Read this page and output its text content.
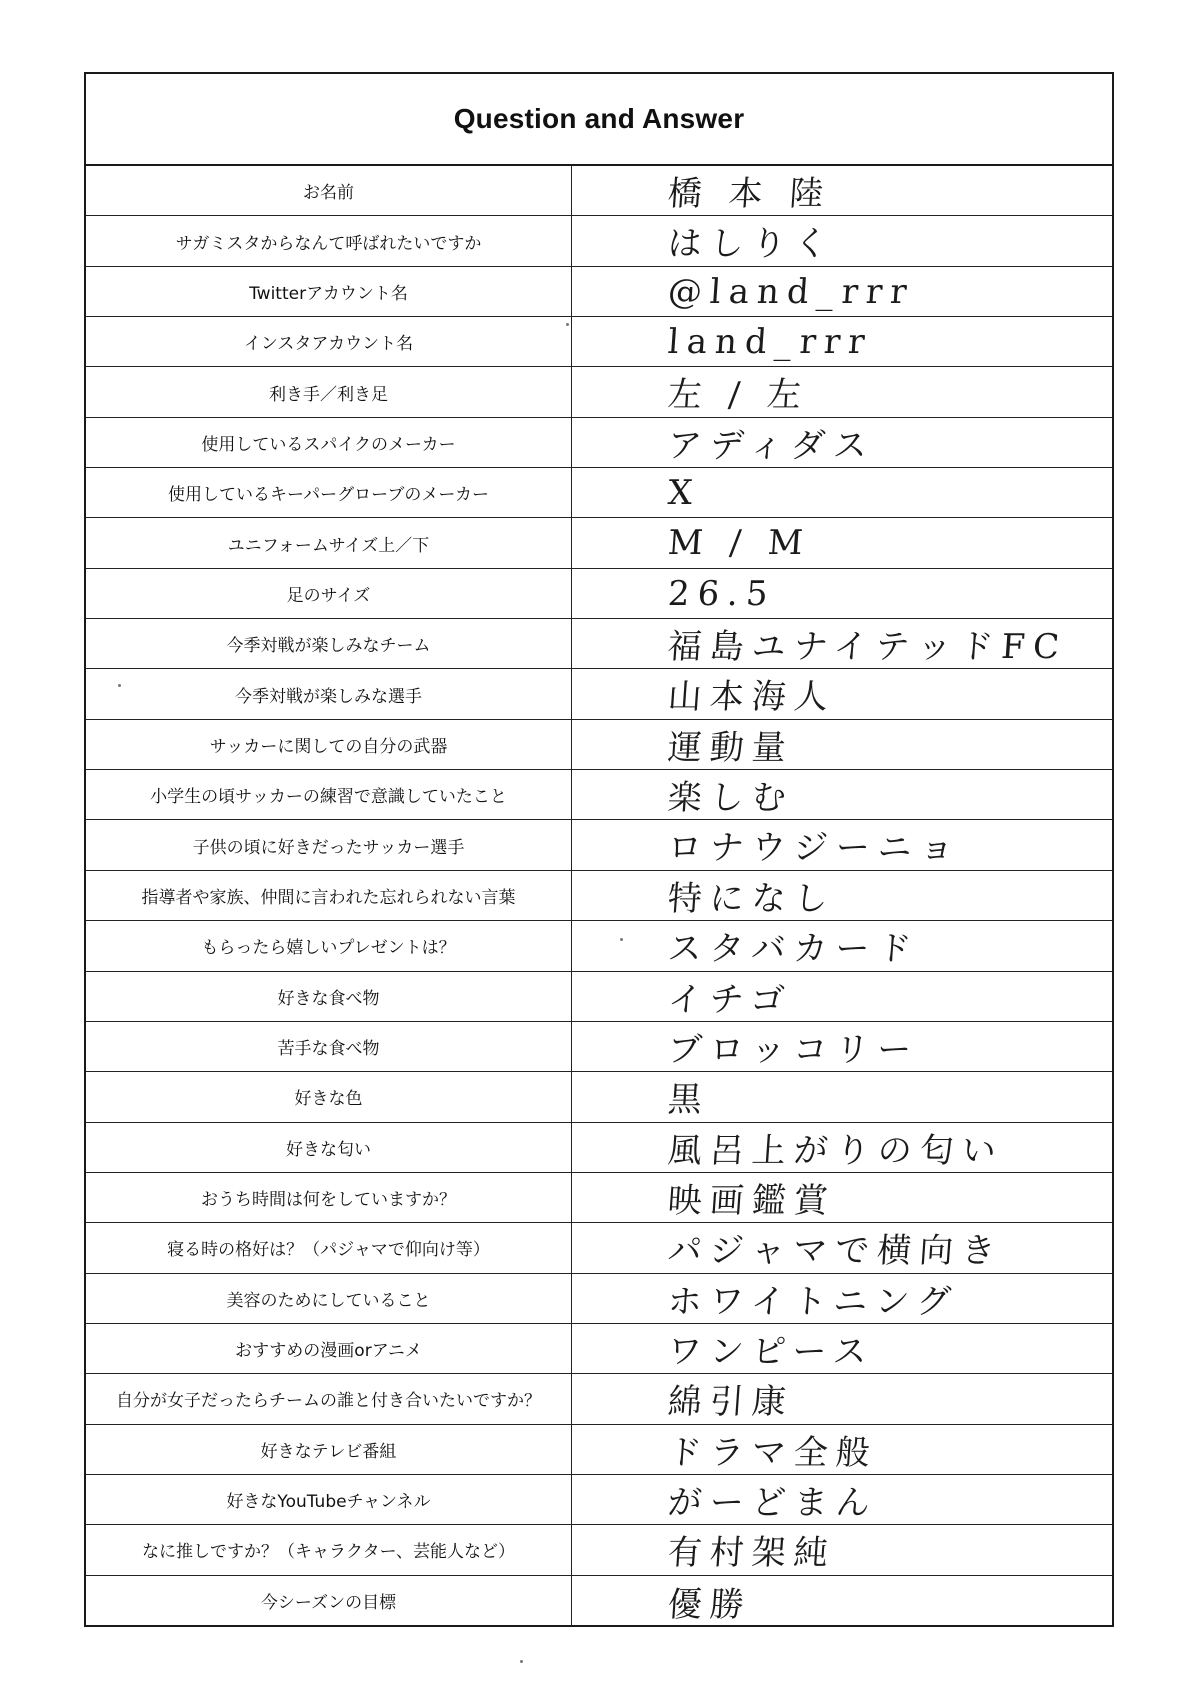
Question and Answer
お名前	橋 本 陸
サガミスタからなんて呼ばれたいですか	はしりく
Twitterアカウント名	@land_rrr
インスタアカウント名	land_rrr
利き手／利き足	左 / 左
使用しているスパイクのメーカー	アディダス
使用しているキーパーグローブのメーカー	X
ユニフォームサイズ上／下	M / M
足のサイズ	26.5
今季対戦が楽しみなチーム	福島ユナイテッドFC
今季対戦が楽しみな選手	山本海人
サッカーに関しての自分の武器	運動量
小学生の頃サッカーの練習で意識していたこと	楽しむ
子供の頃に好きだったサッカー選手	ロナウジーニョ
指導者や家族、仲間に言われた忘れられない言葉	特になし
もらったら嬉しいプレゼントは？	スタバカード
好きな食べ物	イチゴ
苦手な食べ物	ブロッコリー
好きな色	黒
好きな匂い	風呂上がりの匂い
おうち時間は何をしていますか？	映画鑑賞
寝る時の格好は？（パジャマで仰向け等）	パジャマで横向き
美容のためにしていること	ホワイトニング
おすすめの漫画orアニメ	ワンピース
自分が女子だったらチームの誰と付き合いたいですか？	綿引康
好きなテレビ番組	ドラマ全般
好きなYouTubeチャンネル	がーどまん
なに推しですか？（キャラクター、芸能人など）	有村架純
今シーズンの目標	優勝
